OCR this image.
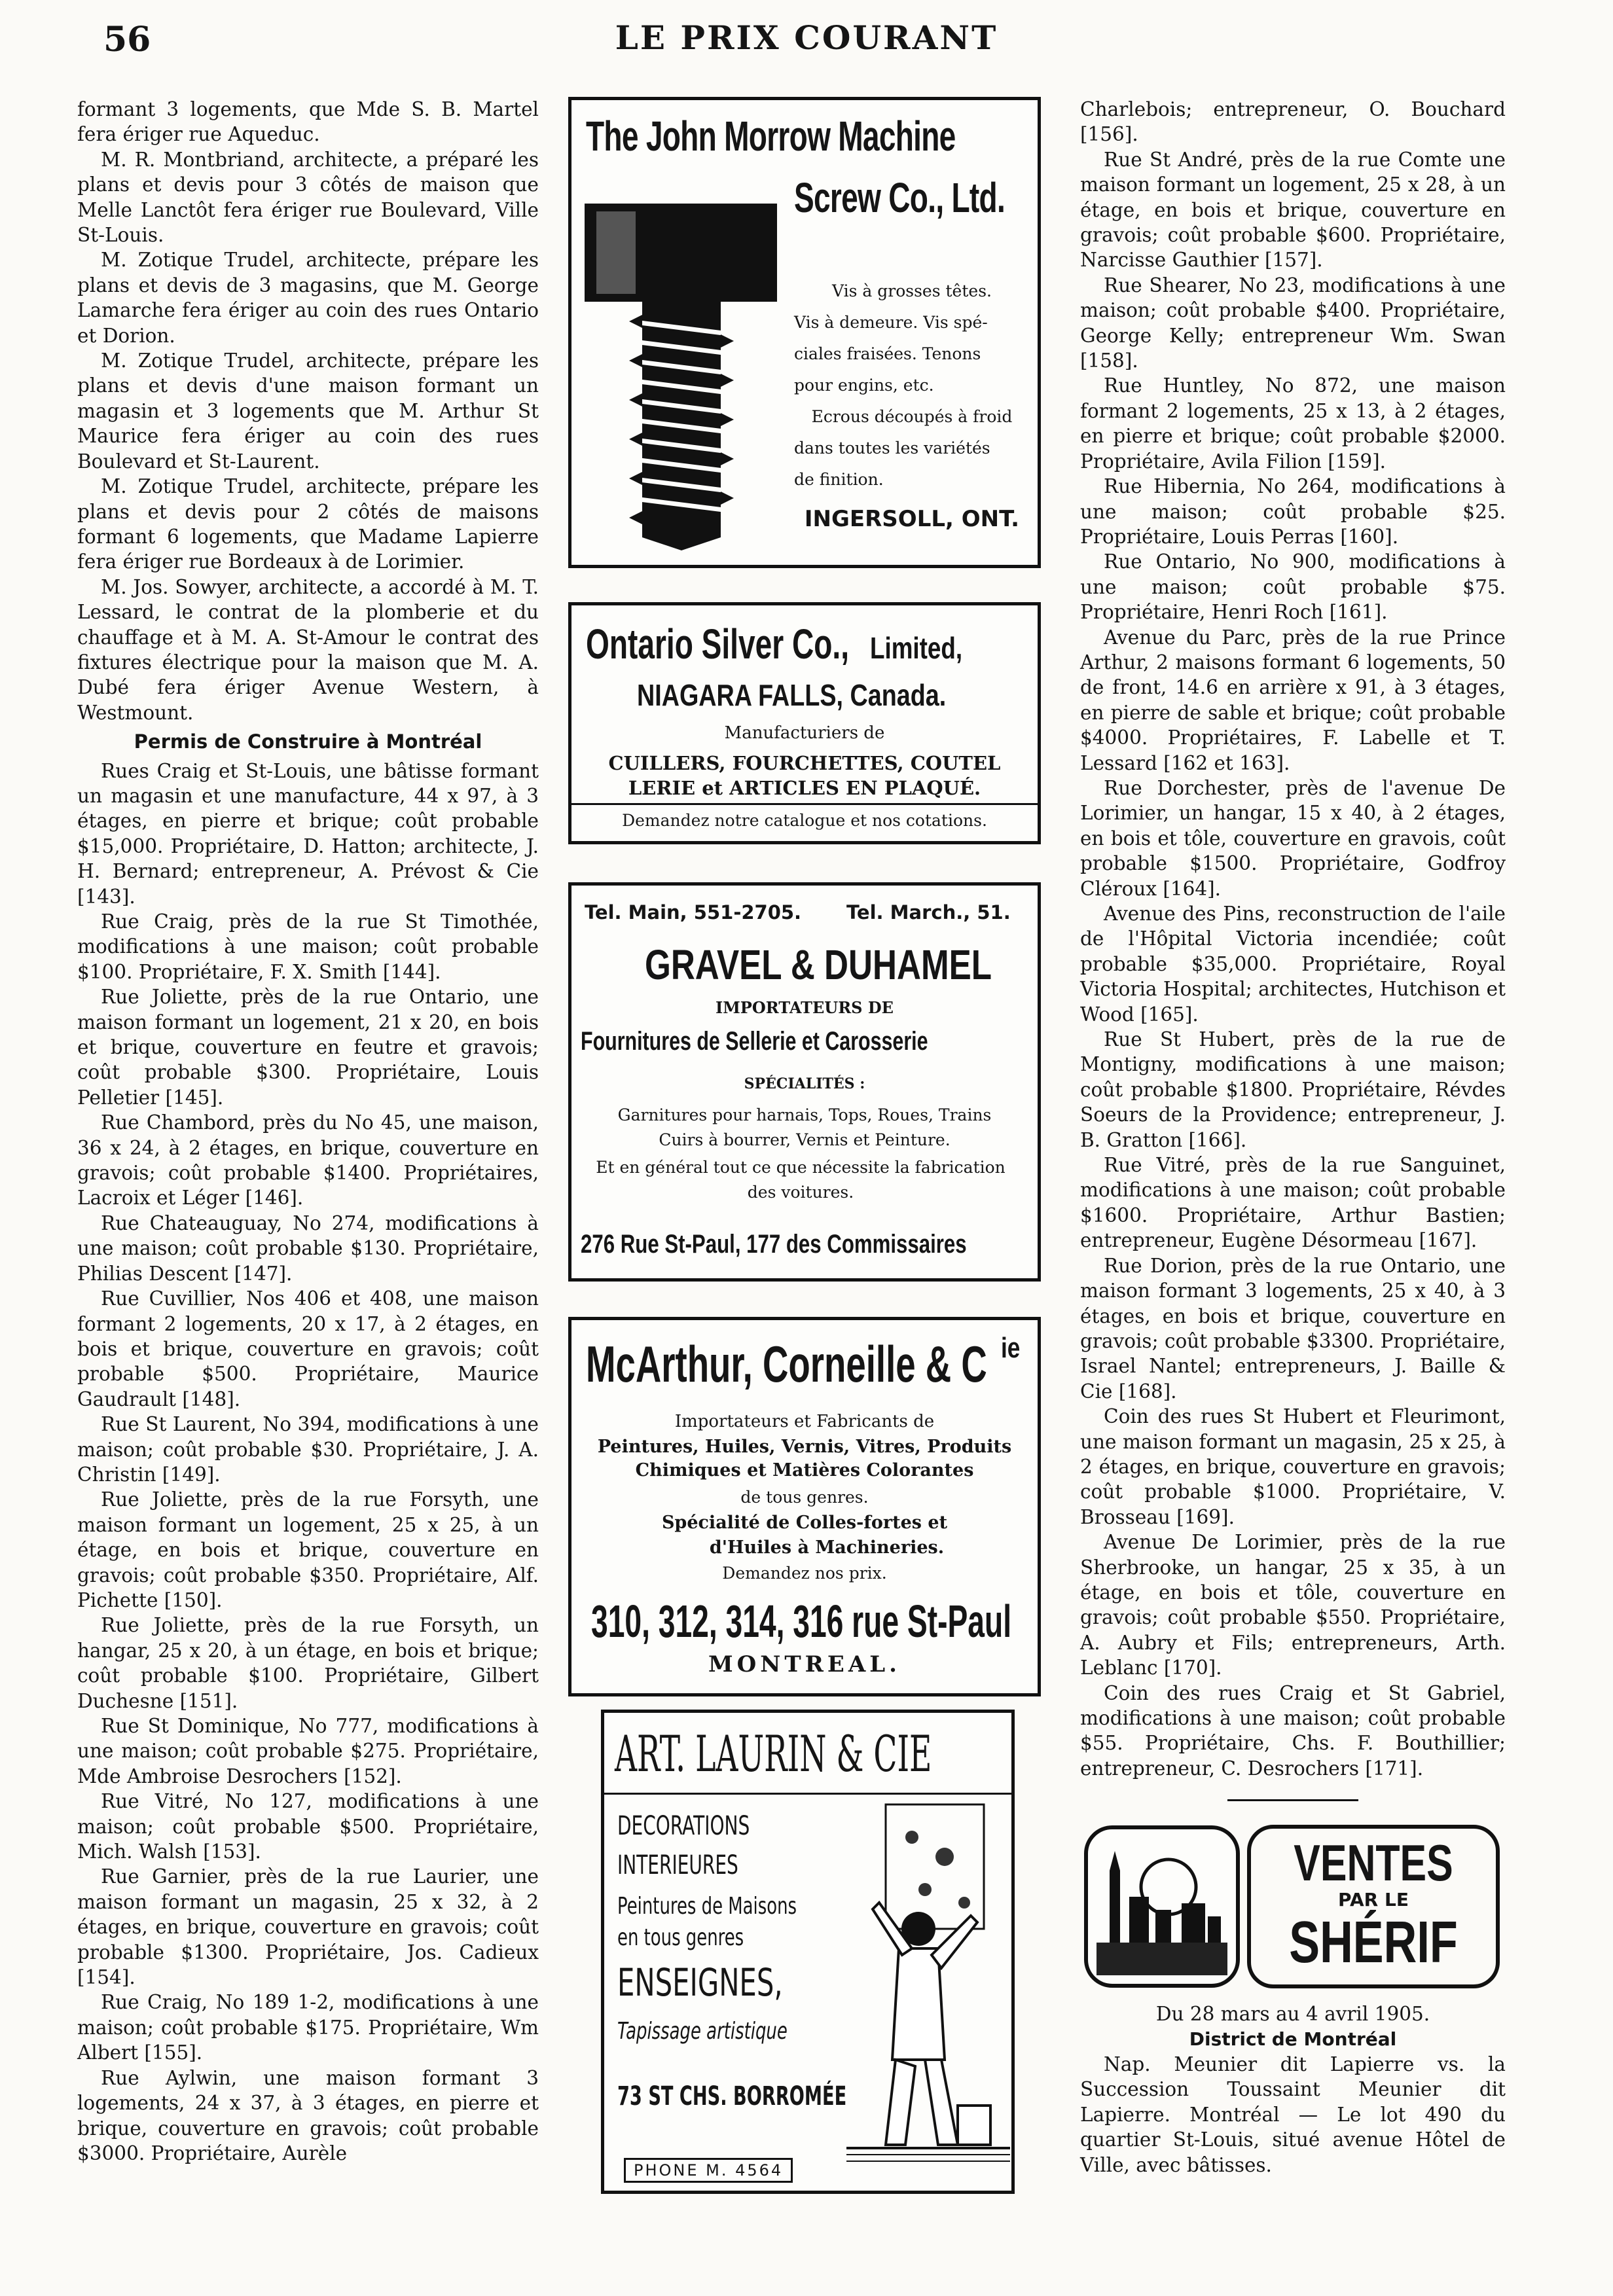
56	LE PRIX COURANT

formant 3 logements, que Mde S. B. Martel fera ériger rue Aqueduc.

M. R. Montbriand, architecte, a préparé les plans et devis pour 3 côtés de maison que Melle Lanctôt fera ériger rue Boulevard, Ville St-Louis.

M. Zotique Trudel, architecte, prépare les plans et devis de 3 magasins, que M. George Lamarche fera ériger au coin des rues Ontario et Dorion.

M. Zotique Trudel, architecte, prépare les plans et devis d'une maison formant un magasin et 3 logements que M. Arthur St Maurice fera ériger au coin des rues Boulevard et St-Laurent.

M. Zotique Trudel, architecte, prépare les plans et devis pour 2 côtés de maisons formant 6 logements, que Madame Lapierre fera ériger rue Bordeaux à de Lorimier.

M. Jos. Sowyer, architecte, a accordé à M. T. Lessard, le contrat de la plomberie et du chauffage et à M. A. St-Amour le contrat des fixtures électrique pour la maison que M. A. Dubé fera ériger Avenue Western, à Westmount.

Permis de Construire à Montréal

Rues Craig et St-Louis, une bâtisse formant un magasin et une manufacture, 44 x 97, à 3 étages, en pierre et brique; coût probable $15,000. Propriétaire, D. Hatton; architecte, J. H. Bernard; entrepreneur, A. Prévost & Cie [143].

Rue Craig, près de la rue St Timothée, modifications à une maison; coût probable $100. Propriétaire, F. X. Smith [144].

Rue Joliette, près de la rue Ontario, une maison formant un logement, 21 x 20, en bois et brique, couverture en feutre et gravois; coût probable $300. Propriétaire, Louis Pelletier [145].

Rue Chambord, près du No 45, une maison, 36 x 24, à 2 étages, en brique, couverture en gravois; coût probable $1400. Propriétaires, Lacroix et Léger [146].

Rue Chateauguay, No 274, modifications à une maison; coût probable $130. Propriétaire, Philias Descent [147].

Rue Cuvillier, Nos 406 et 408, une maison formant 2 logements, 20 x 17, à 2 étages, en bois et brique, couverture en gravois; coût probable $500. Propriétaire, Maurice Gaudrault [148].

Rue St Laurent, No 394, modifications à une maison; coût probable $30. Propriétaire, J. A. Christin [149].

Rue Joliette, près de la rue Forsyth, une maison formant un logement, 25 x 25, à un étage, en bois et brique, couverture en gravois; coût probable $350. Propriétaire, Alf. Pichette [150].

Rue Joliette, près de la rue Forsyth, un hangar, 25 x 20, à un étage, en bois et brique; coût probable $100. Propriétaire, Gilbert Duchesne [151].

Rue St Dominique, No 777, modifications à une maison; coût probable $275. Propriétaire, Mde Ambroise Desrochers [152].

Rue Vitré, No 127, modifications à une maison; coût probable $500. Propriétaire, Mich. Walsh [153].

Rue Garnier, près de la rue Laurier, une maison formant un magasin, 25 x 32, à 2 étages, en brique, couverture en gravois; coût probable $1300. Propriétaire, Jos. Cadieux [154].

Rue Craig, No 189 1-2, modifications à une maison; coût probable $175. Propriétaire, Wm Albert [155].

Rue Aylwin, une maison formant 3 logements, 24 x 37, à 3 étages, en pierre et brique, couverture en gravois; coût probable $3000. Propriétaire, Aurèle

The John Morrow Machine
Screw Co., Ltd.
Vis à grosses têtes.
Vis à demeure. Vis spé-
ciales fraisées. Tenons
pour engins, etc.
Ecrous découpés à froid
dans toutes les variétés
de finition.
INGERSOLL, ONT.
Ontario Silver Co., Limited,
NIAGARA FALLS, Canada.
Manufacturiers de
CUILLERS, FOURCHETTES, COUTEL
LERIE et ARTICLES EN PLAQUÉ.
Demandez notre catalogue et nos cotations.
Tel. Main, 551-2705. Tel. March., 51.
GRAVEL & DUHAMEL
IMPORTATEURS DE
Fournitures de Sellerie et Carosserie
SPÉCIALITÉS :
Garnitures pour harnais, Tops, Roues, Trains
Cuirs à bourrer, Vernis et Peinture.
Et en général tout ce que nécessite la fabrication des voitures.
276 Rue St-Paul, 177 des Commissaires
McArthur, Corneille & C ie
Importateurs et Fabricants de
Peintures, Huiles, Vernis, Vitres, Produits Chimiques et Matières Colorantes
de tous genres.
Spécialité de Colles-fortes et
d'Huiles à Machineries.
Demandez nos prix.
310, 312, 314, 316 rue St-Paul
MONTREAL.
ART. LAURIN & CIE
DECORATIONS
INTERIEURES
Peintures de Maisons en tous genres
ENSEIGNES,
Tapissage artistique
73 ST CHS. BORROMÉE
PHONE M. 4564

Charlebois; entrepreneur, O. Bouchard [156].

Rue St André, près de la rue Comte une maison formant un logement, 25 x 28, à un étage, en bois et brique, couverture en gravois; coût probable $600. Propriétaire, Narcisse Gauthier [157].

Rue Shearer, No 23, modifications à une maison; coût probable $400. Propriétaire, George Kelly; entrepreneur Wm. Swan [158].

Rue Huntley, No 872, une maison formant 2 logements, 25 x 13, à 2 étages, en pierre et brique; coût probable $2000. Propriétaire, Avila Filion [159].

Rue Hibernia, No 264, modifications à une maison; coût probable $25. Propriétaire, Louis Perras [160].

Rue Ontario, No 900, modifications à une maison; coût probable $75. Propriétaire, Henri Roch [161].

Avenue du Parc, près de la rue Prince Arthur, 2 maisons formant 6 logements, 50 de front, 14.6 en arrière x 91, à 3 étages, en pierre de sable et brique; coût probable $4000. Propriétaires, F. Labelle et T. Lessard [162 et 163].

Rue Dorchester, près de l'avenue De Lorimier, un hangar, 15 x 40, à 2 étages, en bois et tôle, couverture en gravois, coût probable $1500. Propriétaire, Godfroy Cléroux [164].

Avenue des Pins, reconstruction de l'aile de l'Hôpital Victoria incendiée; coût probable $35,000. Propriétaire, Royal Victoria Hospital; architectes, Hutchison et Wood [165].

Rue St Hubert, près de la rue de Montigny, modifications à une maison; coût probable $1800. Propriétaire, Révdes Soeurs de la Providence; entrepreneur, J. B. Gratton [166].

Rue Vitré, près de la rue Sanguinet, modifications à une maison; coût probable $1600. Propriétaire, Arthur Bastien; entrepreneur, Eugène Désormeau [167].

Rue Dorion, près de la rue Ontario, une maison formant 3 logements, 25 x 40, à 3 étages, en bois et brique, couverture en gravois; coût probable $3300. Propriétaire, Israel Nantel; entrepreneurs, J. Baille & Cie [168].

Coin des rues St Hubert et Fleurimont, une maison formant un magasin, 25 x 25, à 2 étages, en brique, couverture en gravois; coût probable $1000. Propriétaire, V. Brosseau [169].

Avenue De Lorimier, près de la rue Sherbrooke, un hangar, 25 x 35, à un étage, en bois et tôle, couverture en gravois; coût probable $550. Propriétaire, A. Aubry et Fils; entrepreneurs, Arth. Leblanc [170].

Coin des rues Craig et St Gabriel, modifications à une maison; coût probable $55. Propriétaire, Chs. F. Bouthillier; entrepreneur, C. Desrochers [171].

VENTES
PAR LE
SHÉRIF
Du 28 mars au 4 avril 1905.
District de Montréal

Nap. Meunier dit Lapierre vs. la Succession Toussaint Meunier dit Lapierre. Montréal — Le lot 490 du quartier St-Louis, situé avenue Hôtel de Ville, avec bâtisses.
